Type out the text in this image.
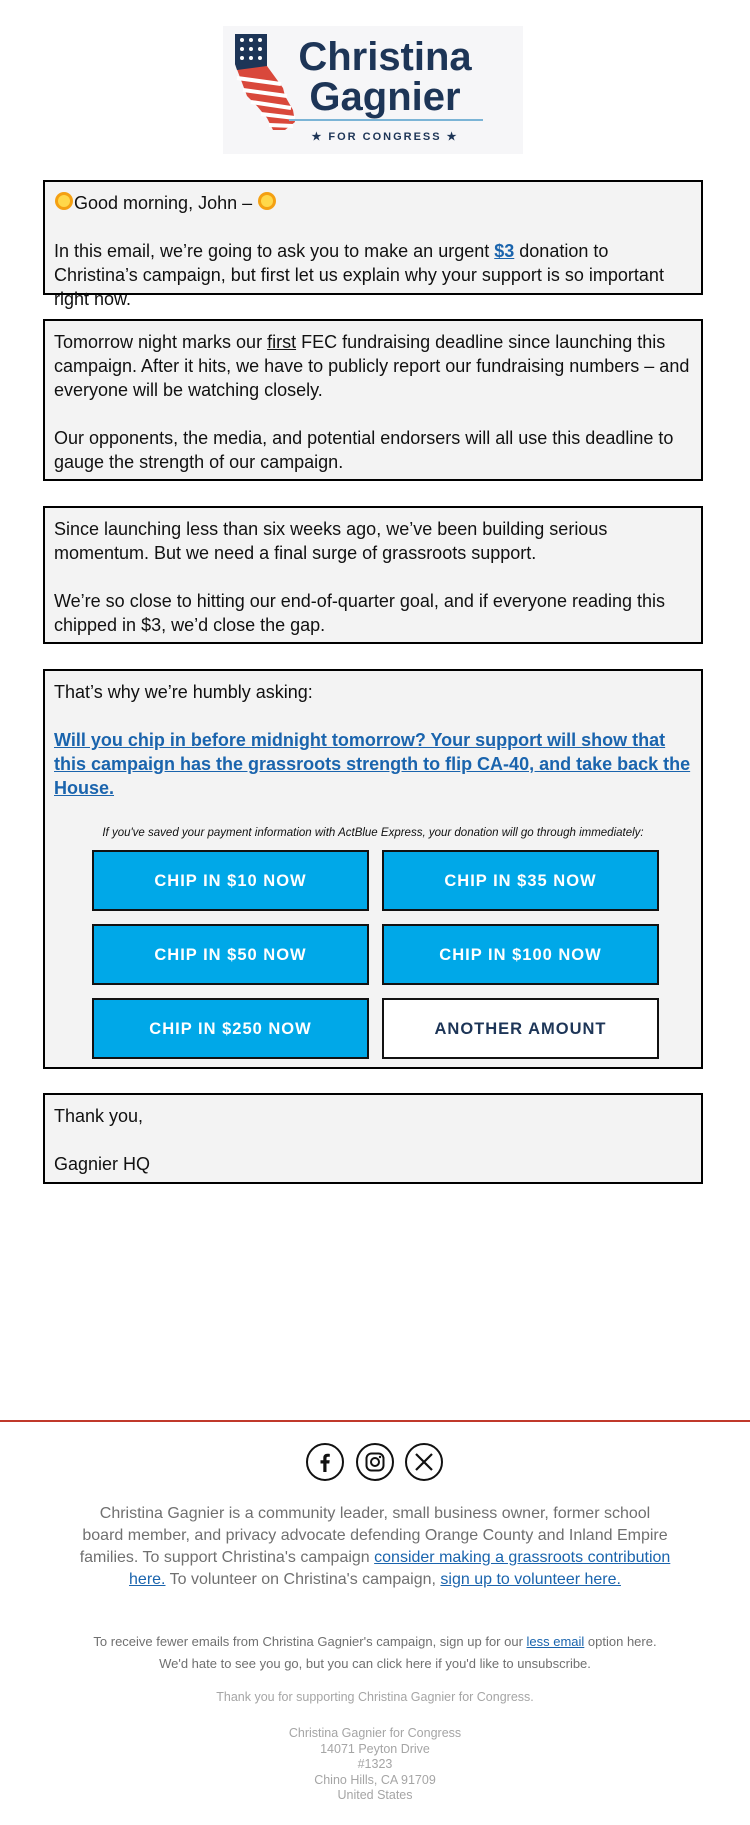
Christina
Gagnier
★ FOR CONGRESS ★

Good morning, John –

In this email, we’re going to ask you to make an urgent $3 donation to Christina’s campaign, but first let us explain why your support is so important right now.

Tomorrow night marks our first FEC fundraising deadline since launching this campaign. After it hits, we have to publicly report our fundraising numbers – and everyone will be watching closely.

Our opponents, the media, and potential endorsers will all use this deadline to gauge the strength of our campaign.

Since launching less than six weeks ago, we’ve been building serious momentum. But we need a final surge of grassroots support.

We’re so close to hitting our end-of-quarter goal, and if everyone reading this chipped in $3, we’d close the gap.

That’s why we’re humbly asking:

Will you chip in before midnight tomorrow? Your support will show that this campaign has the grassroots strength to flip CA-40, and take back the House.
If you've saved your payment information with ActBlue Express, your donation will go through immediately:
CHIP IN $10 NOW	CHIP IN $35 NOW
CHIP IN $50 NOW	CHIP IN $100 NOW
CHIP IN $250 NOW	ANOTHER AMOUNT

Thank you,

Gagnier HQ

Christina Gagnier is a community leader, small business owner, former school board member, and privacy advocate defending Orange County and Inland Empire families. To support Christina's campaign consider making a grassroots contribution here. To volunteer on Christina's campaign, sign up to volunteer here.
To receive fewer emails from Christina Gagnier's campaign, sign up for our less email option here. We'd hate to see you go, but you can click here if you'd like to unsubscribe.
Thank you for supporting Christina Gagnier for Congress.
Christina Gagnier for Congress
14071 Peyton Drive
#1323
Chino Hills, CA 91709
United States
